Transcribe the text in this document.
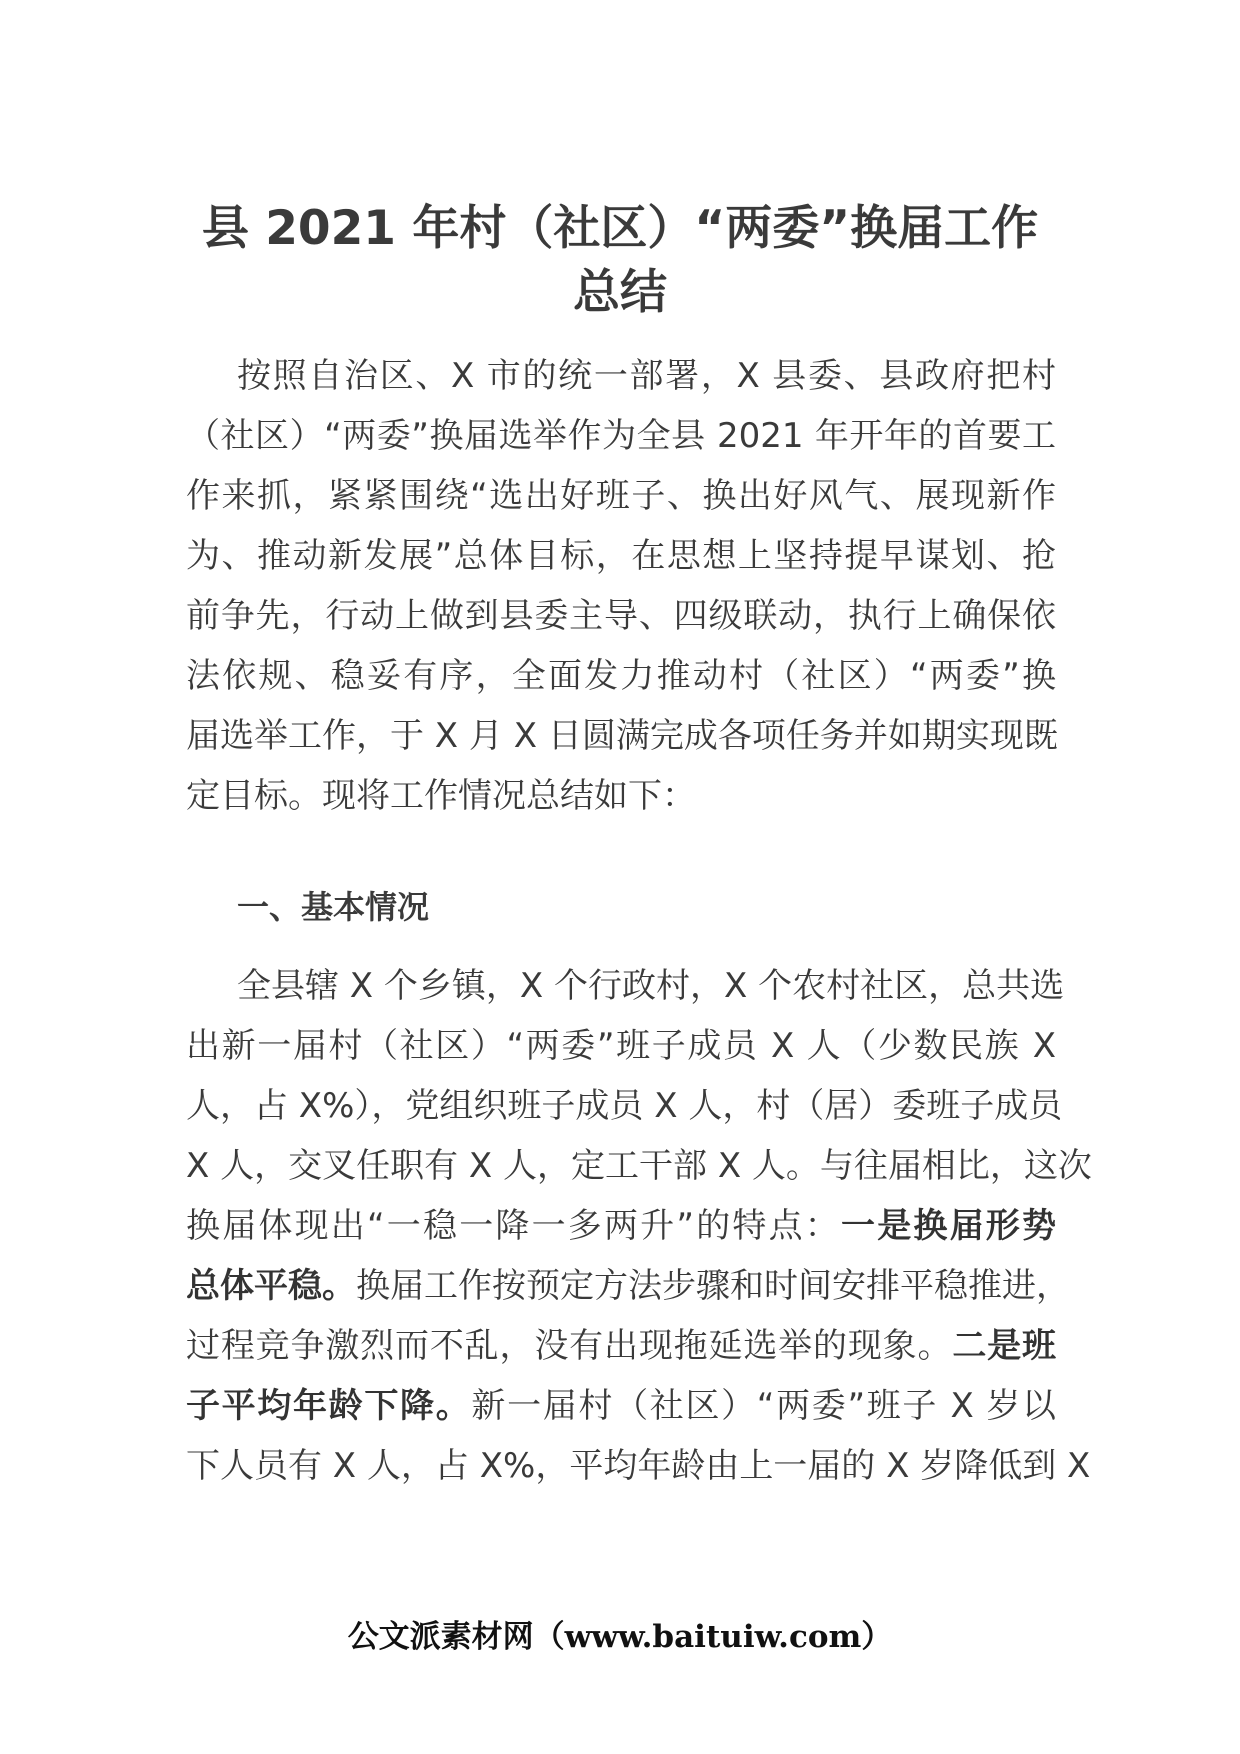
县 2021 年村（社区）“两委”换届工作
总结
按照自治区、X 市的统一部署，X 县委、县政府把村
（社区）“两委”换届选举作为全县 2021 年开年的首要工
作来抓，紧紧围绕“选出好班子、换出好风气、展现新作
为、推动新发展”总体目标，在思想上坚持提早谋划、抢
前争先，行动上做到县委主导、四级联动，执行上确保依
法依规、稳妥有序，全面发力推动村（社区）“两委”换
届选举工作，于 X 月 X 日圆满完成各项任务并如期实现既
定目标。现将工作情况总结如下：
一、基本情况
全县辖 X 个乡镇，X 个行政村，X 个农村社区，总共选
出新一届村（社区）“两委”班子成员 X 人（少数民族 X
人，占 X%），党组织班子成员 X 人，村（居）委班子成员
X 人，交叉任职有 X 人，定工干部 X 人。与往届相比，这次
换届体现出“一稳一降一多两升”的特点：一是换届形势
总体平稳。换届工作按预定方法步骤和时间安排平稳推进，
过程竞争激烈而不乱，没有出现拖延选举的现象。二是班
子平均年龄下降。新一届村（社区）“两委”班子 X 岁以
下人员有 X 人，占 X%，平均年龄由上一届的 X 岁降低到 X
公文派素材网（www.baituiw.com）
